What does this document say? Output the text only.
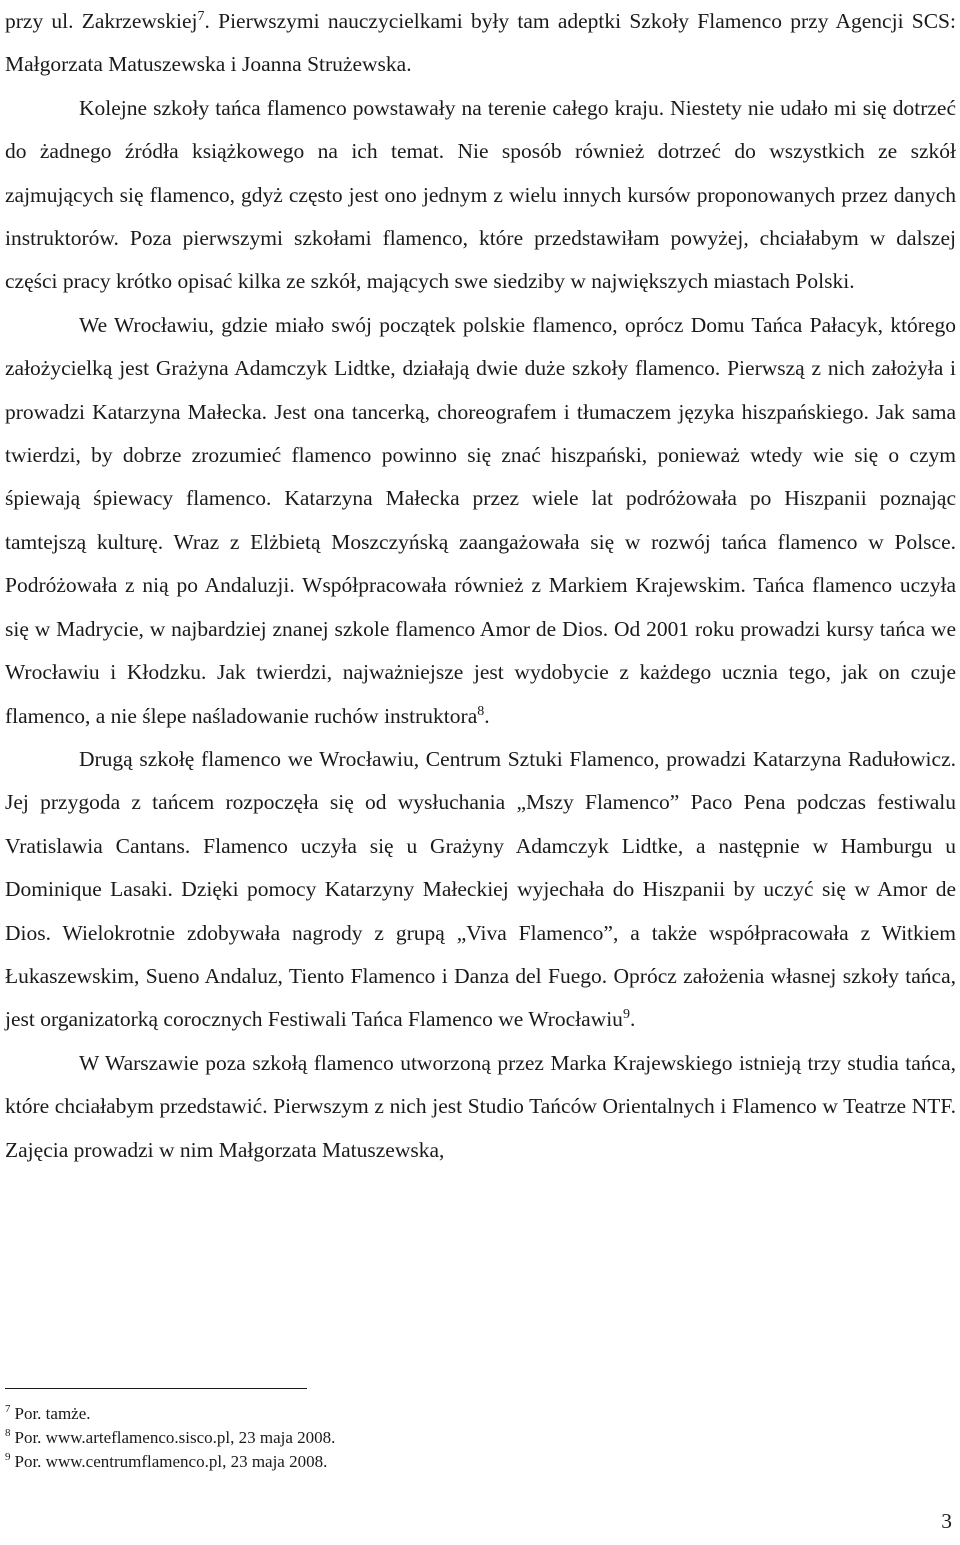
przy ul. Zakrzewskiej$^7$. Pierwszymi nauczycielkami były tam adeptki Szkoły Flamenco przy Agencji SCS: Małgorzata Matuszewska i Joanna Strużewska.

Kolejne szkoły tańca flamenco powstawały na terenie całego kraju. Niestety nie udało mi się dotrzeć do żadnego źródła książkowego na ich temat. Nie sposób również dotrzeć do wszystkich ze szkół zajmujących się flamenco, gdyż często jest ono jednym z wielu innych kursów proponowanych przez danych instruktorów. Poza pierwszymi szkołami flamenco, które przedstawiłam powyżej, chciałabym w dalszej części pracy krótko opisać kilka ze szkół, mających swe siedziby w największych miastach Polski.

We Wrocławiu, gdzie miało swój początek polskie flamenco, oprócz Domu Tańca Pałacyk, którego założycielką jest Grażyna Adamczyk Lidtke, działają dwie duże szkoły flamenco. Pierwszą z nich założyła i prowadzi Katarzyna Małecka. Jest ona tancerką, choreografem i tłumaczem języka hiszpańskiego. Jak sama twierdzi, by dobrze zrozumieć flamenco powinno się znać hiszpański, ponieważ wtedy wie się o czym śpiewają śpiewacy flamenco. Katarzyna Małecka przez wiele lat podróżowała po Hiszpanii poznając tamtejszą kulturę. Wraz z Elżbietą Moszczyńską zaangażowała się w rozwój tańca flamenco w Polsce. Podróżowała z nią po Andaluzji. Współpracowała również z Markiem Krajewskim. Tańca flamenco uczyła się w Madrycie, w najbardziej znanej szkole flamenco Amor de Dios. Od 2001 roku prowadzi kursy tańca we Wrocławiu i Kłodzku. Jak twierdzi, najważniejsze jest wydobycie z każdego ucznia tego, jak on czuje flamenco, a nie ślepe naśladowanie ruchów instruktora$^8$.

Drugą szkołę flamenco we Wrocławiu, Centrum Sztuki Flamenco, prowadzi Katarzyna Radułowicz. Jej przygoda z tańcem rozpoczęła się od wysłuchania „Mszy Flamenco” Paco Pena podczas festiwalu Vratislawia Cantans. Flamenco uczyła się u Grażyny Adamczyk Lidtke, a następnie w Hamburgu u Dominique Lasaki. Dzięki pomocy Katarzyny Małeckiej wyjechała do Hiszpanii by uczyć się w Amor de Dios. Wielokrotnie zdobywała nagrody z grupą „Viva Flamenco”, a także współpracowała z Witkiem Łukaszewskim, Sueno Andaluz, Tiento Flamenco i Danza del Fuego. Oprócz założenia własnej szkoły tańca, jest organizatorką corocznych Festiwali Tańca Flamenco we Wrocławiu$^9$.

W Warszawie poza szkołą flamenco utworzoną przez Marka Krajewskiego istnieją trzy studia tańca, które chciałabym przedstawić. Pierwszym z nich jest Studio Tańców Orientalnych i Flamenco w Teatrze NTF. Zajęcia prowadzi w nim Małgorzata Matuszewska,

$^7$ Por. tamże.

$^8$ Por. www.arteflamenco.sisco.pl, 23 maja 2008.

$^9$ Por. www.centrumflamenco.pl, 23 maja 2008.

3
